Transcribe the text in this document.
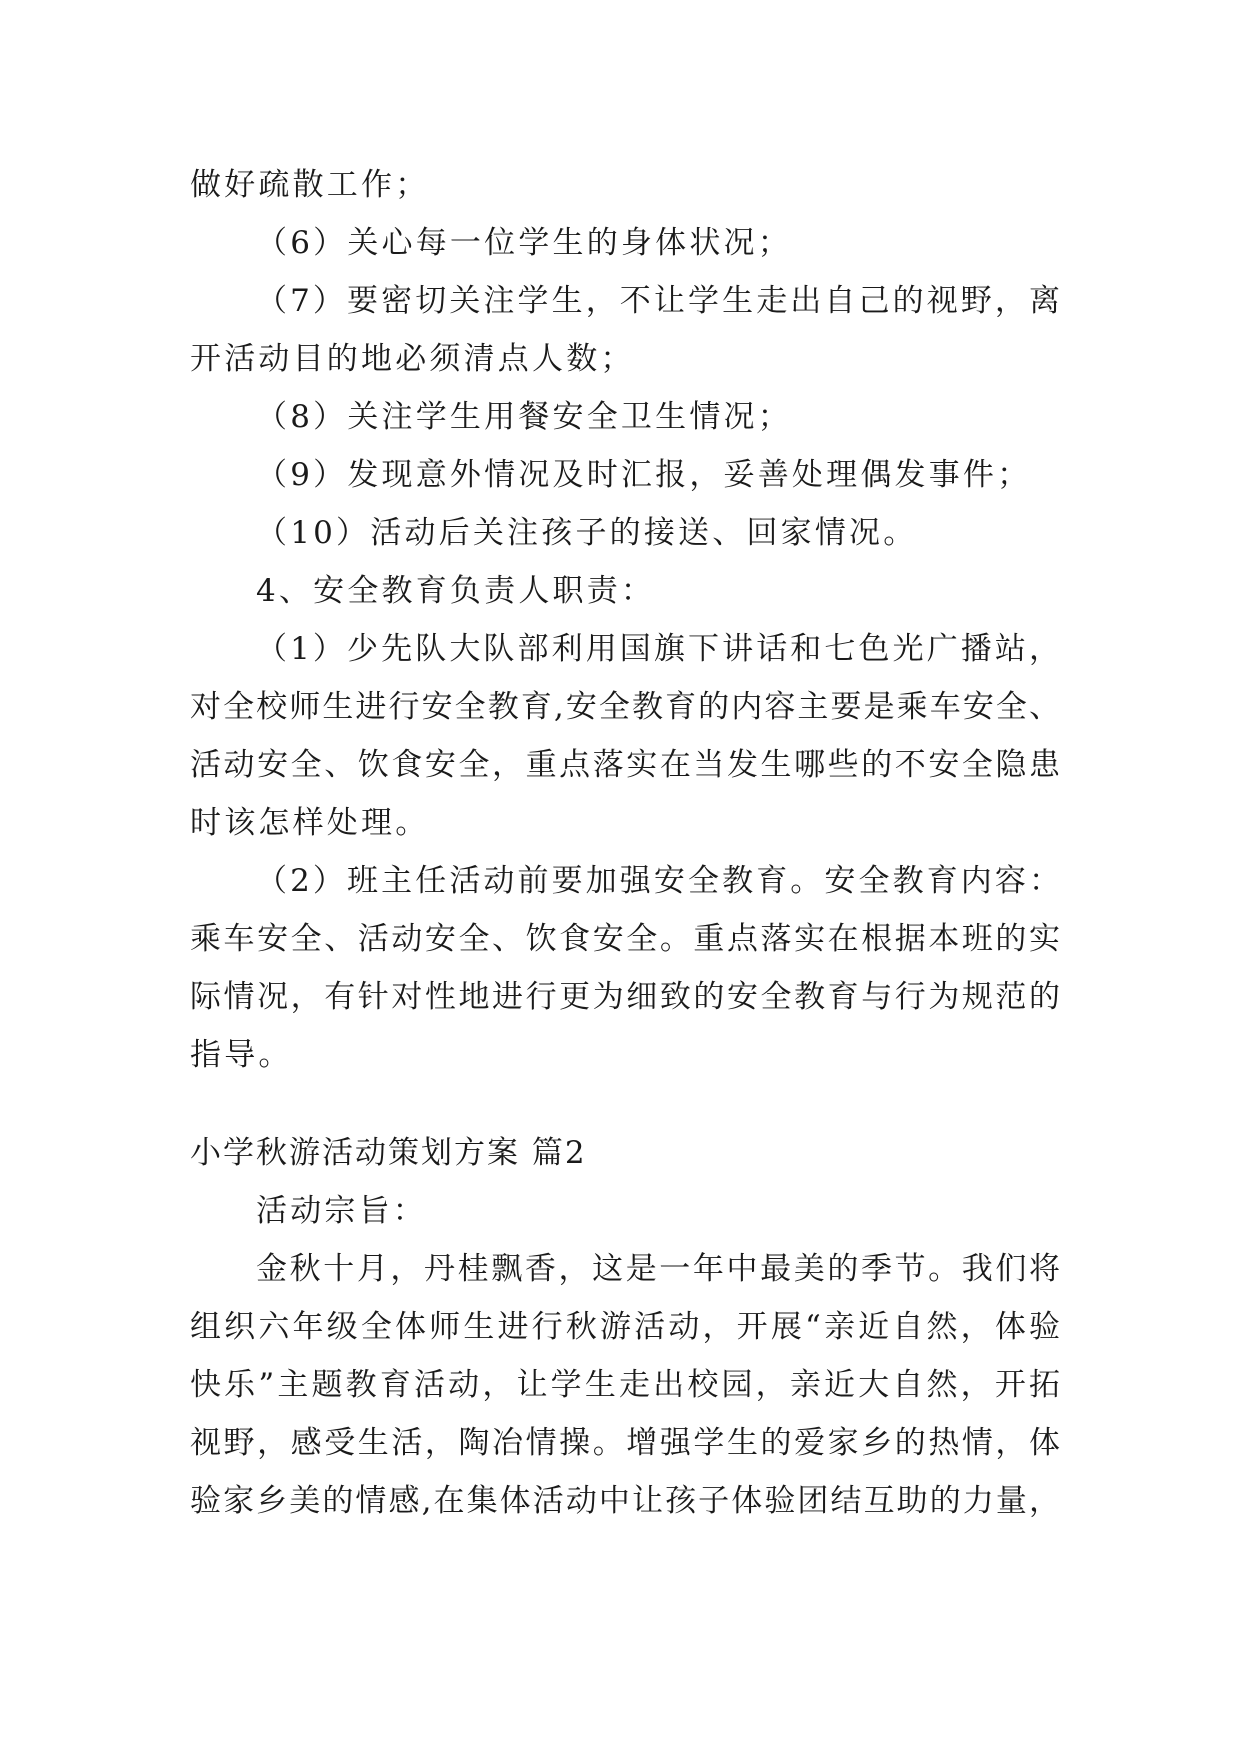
做好疏散工作；
（6）关心每一位学生的身体状况；
（7）要密切关注学生，不让学生走出自己的视野，离
开活动目的地必须清点人数；
（8）关注学生用餐安全卫生情况；
（9）发现意外情况及时汇报，妥善处理偶发事件；
（10）活动后关注孩子的接送、回家情况。
4、安全教育负责人职责：
（1）少先队大队部利用国旗下讲话和七色光广播站，
对全校师生进行安全教育,安全教育的内容主要是乘车安全、
活动安全、饮食安全，重点落实在当发生哪些的不安全隐患
时该怎样处理。
（2）班主任活动前要加强安全教育。安全教育内容：
乘车安全、活动安全、饮食安全。重点落实在根据本班的实
际情况，有针对性地进行更为细致的安全教育与行为规范的
指导。
小学秋游活动策划方案 篇2
活动宗旨：
金秋十月，丹桂飘香，这是一年中最美的季节。我们将
组织六年级全体师生进行秋游活动，开展“亲近自然，体验
快乐”主题教育活动，让学生走出校园，亲近大自然，开拓
视野，感受生活，陶冶情操。增强学生的爱家乡的热情，体
验家乡美的情感,在集体活动中让孩子体验团结互助的力量，
